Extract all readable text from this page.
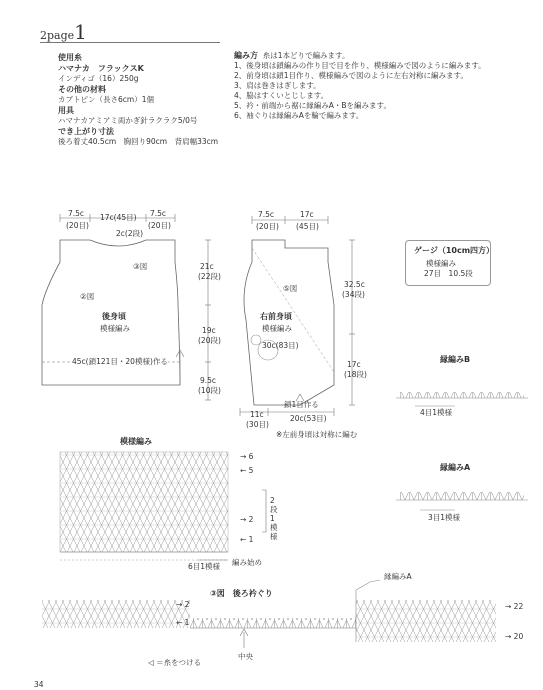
2page1
使用糸
ハマナカ　フラックスK
インディゴ（16）250g
その他の材料
カブトピン（長さ6cm）1個
用具
ハマナカアミアミ両かぎ針ラクラク5/0号
でき上がり寸法
後ろ着丈40.5cm　胸回り90cm　背肩幅33cm
編み方 糸は1本どりで編みます。
1、後身頃は鎖編みの作り目で目を作り、模様編みで図のように編みます。
2、前身頃は鎖1目作り、模様編みで図のように左右対称に編みます。
3、肩は巻きはぎします。
4、脇はすくいとじします。
5、衿・前端から裾に縁編みA・Bを編みます。
6、袖ぐりは縁編みAを輪で編みます。
7.5c
(20目)
17c(45目) 7.5c
(20目)
2c(2段)
③図
②図
後身頃
模様編み
21c
(22段)
19c
(20段)
9.5c
(10段)
45c(鎖121目・20模様)作る
7.5c
(20目)
17c
(45目)
⑤図
右前身頃
模様編み
30c(83目)
32.5c
(34段)
17c
(18段)
鎖1目作る
11c
(30目)
20c(53目)
※左前身頃は対称に編む
ゲージ（10cm四方）
模様編み
27目　10.5段
模様編み
→ 6
← 5
→ 2
2段1模様
← 1
6目1模様 編み始め
縁編みB
4目1模様
縁編みA
3目1模様
③図　後ろ衿ぐり
縁編みA
→ 2
← 1
→ 22
→ 20
◁ ＝糸をつける
中央
34
